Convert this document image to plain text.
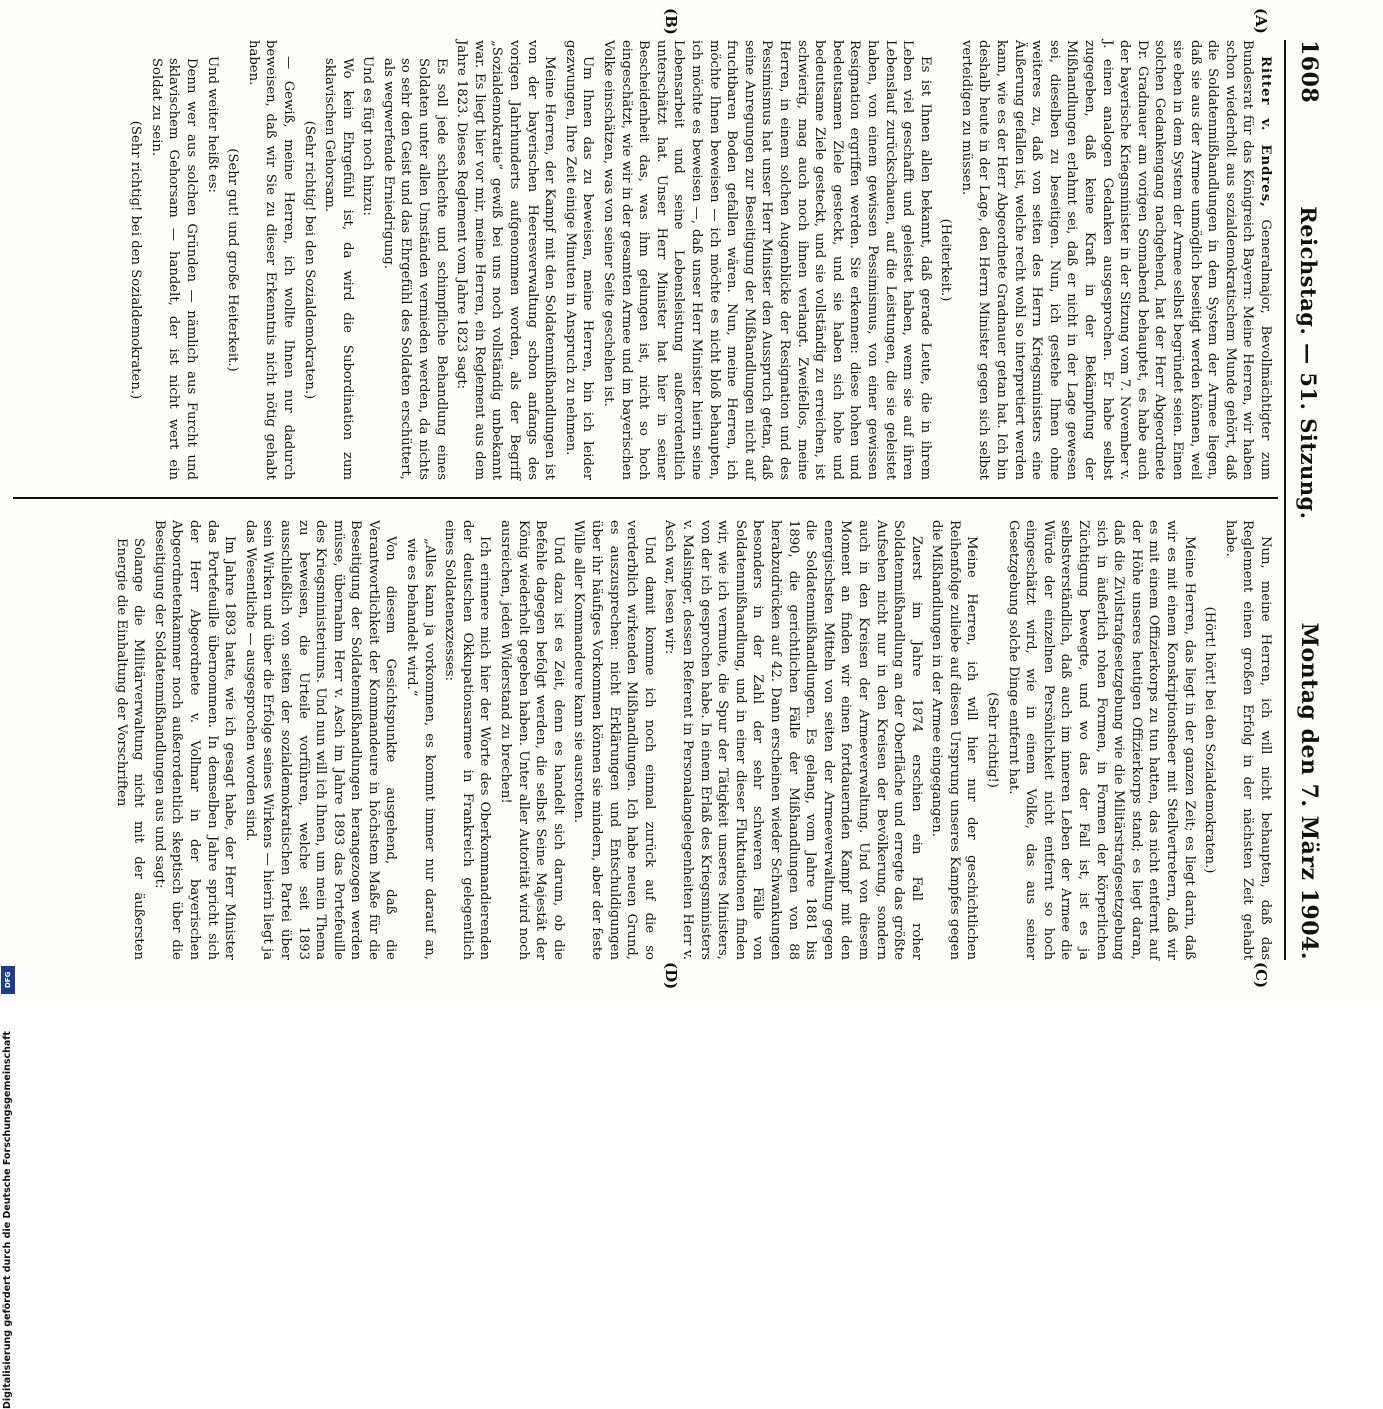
1608
Reichstag. — 51. Sitzung.
Montag den 7. März 1904.
(A)
(B)
(C)
(D)

Ritter v. Endres, Generalmajor, Bevollmächtigter zum Bundesrat für das Königreich Bayern: Meine Herren, wir haben schon wiederholt aus sozialdemokratischem Munde gehört, daß die Soldatenmißhandlungen in dem System der Armee liegen, daß sie aus der Armee unmöglich beseitigt werden können, weil sie eben in dem System der Armee selbst begründet seien. Einen solchen Gedankengang nachgehend, hat der Herr Abgeordnete Dr. Gradnauer am vorigen Sonnabend behauptet, es habe auch der bayerische Kriegsminister in der Sitzung vom 7. November v. J. einen analogen Gedanken ausgesprochen. Er habe selbst zugegeben, daß keine Kraft in der Bekämpfung der Mißhandlungen erlahmt sei, daß er nicht in der Lage gewesen sei, dieselben zu beseitigen. Nun, ich gestehe Ihnen ohne weiteres zu, daß von seiten des Herrn Kriegsministers eine Äußerung gefallen ist, welche recht wohl so interpretiert werden kann, wie es der Herr Abgeordnete Gradnauer getan hat. Ich bin deshalb heute in der Lage, den Herrn Minister gegen sich selbst verteidigen zu müssen.

(Heiterkeit.)

Es ist Ihnen allen bekannt, daß gerade Leute, die in ihrem Leben viel geschafft und geleistet haben, wenn sie auf ihren Lebenslauf zurückschauen, auf die Leistungen, die sie geleistet haben, von einem gewissen Pessimismus, von einer gewissen Resignation ergriffen werden. Sie erkennen: diese hohen und bedeutsamen Ziele gesteckt, und sie haben sich hohe und bedeutsame Ziele gesteckt, und sie vollständig zu erreichen, ist schwierig, mag auch noch ihnen verlangt. Zweifellos, meine Herren, in einem solchen Augenblicke der Resignation und des Pessimismus hat unser Herr Minister den Ausspruch getan, daß seine Anregungen zur Beseitigung der Mißhandlungen nicht auf fruchtbaren Boden gefallen wären. Nun, meine Herren, ich möchte Ihnen beweisen — ich möchte es nicht bloß behaupten, ich möchte es beweisen —, daß unser Herr Minister hierin seine Lebensarbeit und seine Lebensleistung außerordentlich unterschätzt hat. Unser Herr Minister hat hier in seiner Bescheidenheit das, was ihm gelungen ist, nicht so hoch eingeschätzt, wie wir in der gesamten Armee und im bayerischen Volke einschätzen, was von seiner Seite geschehen ist.

Um Ihnen das zu beweisen, meine Herren, bin ich leider gezwungen, Ihre Zeit einige Minuten in Anspruch zu nehmen.

Meine Herren, der Kampf mit den Soldatenmißhandlungen ist von der bayerischen Heeresverwaltung schon anfangs des vorigen Jahrhunderts aufgenommen worden, als der Begriff „Sozialdemokratie“ gewiß bei uns noch vollständig unbekannt war. Es liegt hier vor mir, meine Herren, ein Reglement aus dem Jahre 1823. Dieses Reglement vom Jahre 1823 sagt:

Es soll jede schlechte und schimpfliche Behandlung eines Soldaten unter allen Umständen vermieden werden, da nichts so sehr den Geist und das Ehrgefühl des Soldaten erschüttert, als wegwerfende Erniedrigung.

Und es fügt noch hinzu:

Wo kein Ehrgefühl ist, da wird die Subordination zum sklavischen Gehorsam.

(Sehr richtig! bei den Sozialdemokraten.)

— Gewiß, meine Herren, ich wollte Ihnen nur dadurch beweisen, daß wir Sie zu dieser Erkenntnis nicht nötig gehabt haben.

(Sehr gut! und große Heiterkeit.)

Und weiter heißt es:

Denn wer aus solchen Gründen — nämlich aus Furcht und sklavischem Gehorsam — handelt, der ist nicht wert ein Soldat zu sein.

(Sehr richtig! bei den Sozialdemokraten.)

Nun, meine Herren, ich will nicht behaupten, daß das Reglement einen großen Erfolg in der nächsten Zeit gehabt habe.

(Hört! hört! bei den Sozialdemokraten.)

Meine Herren, das liegt in der ganzen Zeit; es liegt darin, daß wir es mit einem Konskriptionsheer mit Stellvertretern, daß wir es mit einem Offizierkorps zu tun hatten, das nicht entfernt auf der Höhe unseres heutigen Offizierkorps stand; es liegt daran, daß die Zivilstrafgesetzgebung wie die Militärstrafgesetzgebung sich in äußerlich rohen Formen, in Formen der körperlichen Züchtigung bewegte, und wo das der Fall ist, ist es ja selbstverständlich, daß auch im inneren Leben der Armee die Würde der einzelnen Persönlichkeit nicht entfernt so hoch eingeschätzt wird, wie in einem Volke, das aus seiner Gesetzgebung solche Dinge entfernt hat.

(Sehr richtig!)

Meine Herren, ich will hier nur der geschichtlichen Reihenfolge zuliebe auf diesen Ursprung unseres Kampfes gegen die Mißhandlungen in der Armee eingegangen.

Zuerst im Jahre 1874 erschien ein Fall roher Soldatenmißhandlung an der Oberfläche und erregte das größte Aufsehen nicht nur in den Kreisen der Bevölkerung, sondern auch in den Kreisen der Armeeverwaltung. Und von diesem Moment an finden wir einen fortdauernden Kampf mit den energischsten Mitteln von seiten der Armeeverwaltung gegen die Soldatenmißhandlungen. Es gelang, vom Jahre 1881 bis 1890, die gerichtlichen Fälle der Mißhandlungen von 88 herabzudrücken auf 42. Dann erscheinen wieder Schwankungen besonders in der Zahl der sehr schweren Fälle von Soldatenmißhandlung, und in einer dieser Fluktuationen finden wir, wie ich vermute, die Spur der Tätigkeit unseres Ministers, von der ich gesprochen habe. In einem Erlaß des Kriegsministers v. Malsinger, dessen Referent in Personalangelegenheiten Herr v. Asch war, lesen wir:

Und damit komme ich noch einmal zurück auf die so verderblich wirkenden Mißhandlungen. Ich habe neuen Grund, es auszusprechen: nicht Erklärungen und Entschuldigungen über ihr häufiges Vorkommen können sie mindern, aber der feste Wille aller Kommandeure kann sie ausrotten.

Und dazu ist es Zeit, denn es handelt sich darum, ob die Befehle dagegen befolgt werden, die selbst Seine Majestät der König wiederholt gegeben haben. Unter aller Autorität wird noch ausreichen, jeden Widerstand zu brechen!

Ich erinnere mich hier der Worte des Oberkommandierenden der deutschen Okkupationsarmee in Frankreich gelegentlich eines Soldatenexzesses:

„Alles kann ja vorkommen, es kommt immer nur darauf an, wie es behandelt wird.“

Von diesem Gesichtspunkte ausgehend, daß die Verantwortlichkeit der Kommandeure in höchstem Maße für die Beseitigung der Soldatenmißhandlungen herangezogen werden müsse, übernahm Herr v. Asch im Jahre 1893 das Portefeuille des Kriegsministeriums. Und nun will ich Ihnen, um mein Thema zu beweisen, die Urteile vorführen, welche seit 1893 ausschließlich von seiten der sozialdemokratischen Partei über sein Wirken und über die Erfolge seines Wirkens — hierin liegt ja das Wesentliche — ausgesprochen worden sind.

Im Jahre 1893 hatte, wie ich gesagt habe, der Herr Minister das Portefeuille übernommen. In demselben Jahre spricht sich der Herr Abgeordnete v. Vollmar in der bayerischen Abgeordnetenkammer noch außerordentlich skeptisch über die Beseitigung der Soldatenmißhandlungen aus und sagt:

Solange die Militärverwaltung nicht mit der äußersten Energie die Einhaltung der Vorschriften

Digitalisierung gefördert durch die Deutsche Forschungsgemeinschaft
DFG
